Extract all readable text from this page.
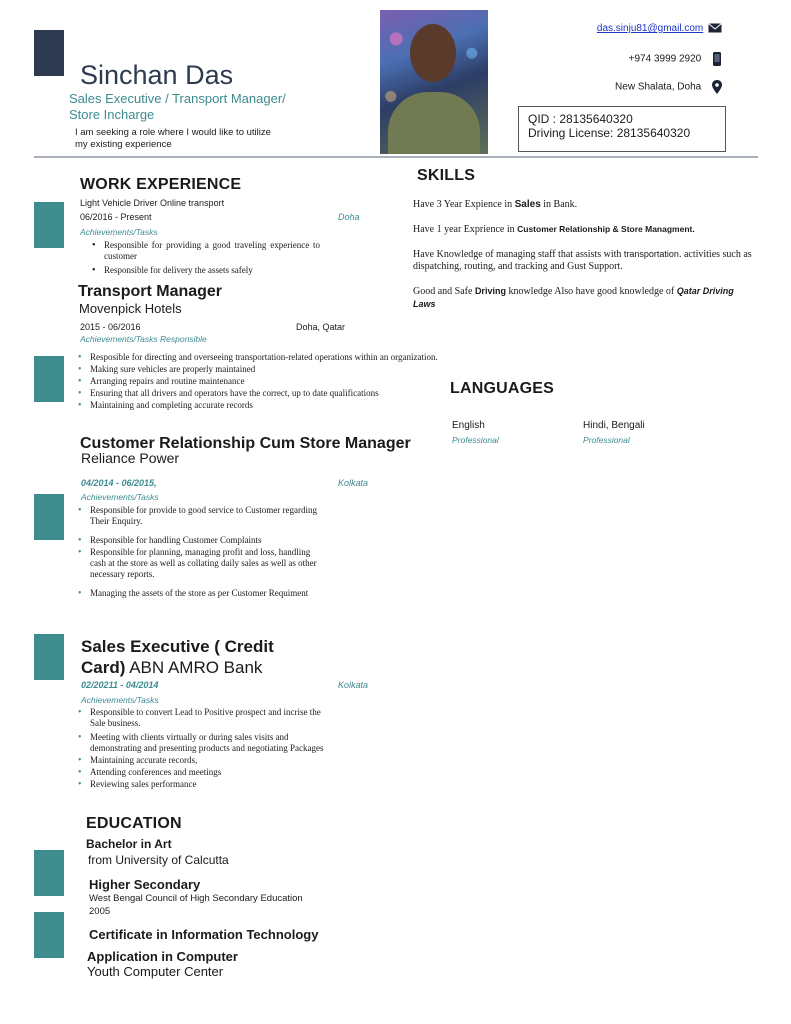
Sinchan Das
Sales Executive / Transport Manager/
Store Incharge
I am seeking a role where I would like to utilize
my existing experience
das.sinju81@gmail.com
+974 3999 2920
New Shalata, Doha
QID : 28135640320
Driving License: 28135640320
WORK EXPERIENCE
Light Vehicle Driver Online transport
06/2016 - Present	Doha
Achievements/Tasks
• Responsible for providing a good traveling experience to customer
• Responsible for delivery the assets safely
Transport Manager
Movenpick Hotels
2015 - 06/2016	Doha, Qatar
Achievements/Tasks Responsible
• Resposible for directing and overseeing transportation-related operations within an organization.
• Making sure vehicles are properly maintained
• Arranging repairs and routine maintenance
• Ensuring that all drivers and operators have the correct, up to date qualifications
• Maintaining and completing accurate records
Customer Relationship Cum Store Manager
Reliance Power
04/2014 - 06/2015,	Kolkata
Achievements/Tasks
• Responsible for provide to good service to Customer regarding Their Enquiry.
• Responsible for handling Customer Complaints
• Responsible for planning, managing profit and loss, handling cash at the store as well as collating daily sales as well as other necessary reports.
• Managing the assets of the store as per Customer Requiment
Sales Executive ( Credit
Card) ABN AMRO Bank
02/20211 - 04/2014	Kolkata
Achievements/Tasks
• Responsible to convert Lead to Positive prospect and incrise the Sale business.
• Meeting with clients virtually or during sales visits and demonstrating and presenting products and negotiating Packages
• Maintaining accurate records,
• Attending conferences and meetings
• Reviewing sales performance
EDUCATION
Bachelor in Art
from University of Calcutta
Higher Secondary
West Bengal Council of High Secondary Education
2005
Certificate in Information Technology
Application in Computer
Youth Computer Center
SKILLS

Have 3 Year Expience in Sales in Bank.

Have 1 year Exprience in Customer Relationship & Store Managment.

Have Knowledge of managing staff that assists with transportation. activities such as dispatching, routing, and tracking and Gust Support.

Good and Safe Driving knowledge Also have good knowledge of Qatar Driving Laws

LANGUAGES
English
Professional
Hindi, Bengali
Professional
